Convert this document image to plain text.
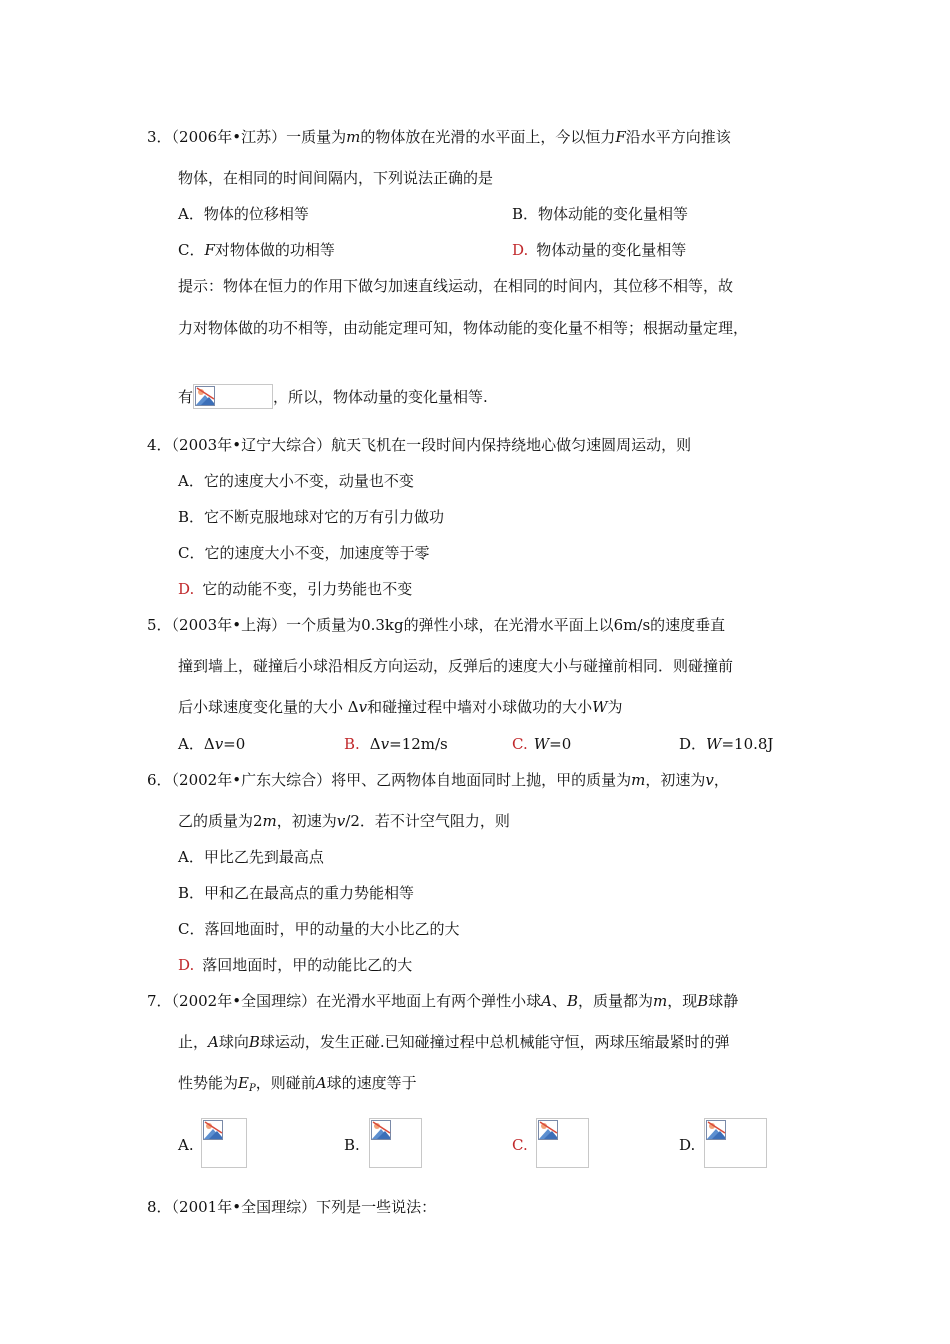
3．（2006年•江苏）一质量为m的物体放在光滑的水平面上，今以恒力F沿水平方向推该
物体，在相同的时间间隔内，下列说法正确的是
A．物体的位移相等	B．物体动能的变化量相等
C．F对物体做的功相等	D. 物体动量的变化量相等
提示：物体在恒力的作用下做匀加速直线运动，在相同的时间内，其位移不相等，故
力对物体做的功不相等，由动能定理可知，物体动能的变化量不相等；根据动量定理，
有	，所以，物体动量的变化量相等.
4．（2003年•辽宁大综合）航天飞机在一段时间内保持绕地心做匀速圆周运动，则
A．它的速度大小不变，动量也不变
B．它不断克服地球对它的万有引力做功
C．它的速度大小不变，加速度等于零
D. 它的动能不变，引力势能也不变
5．（2003年•上海）一个质量为0.3kg的弹性小球，在光滑水平面上以6m/s的速度垂直
撞到墙上，碰撞后小球沿相反方向运动，反弹后的速度大小与碰撞前相同．则碰撞前
后小球速度变化量的大小 Δv和碰撞过程中墙对小球做功的大小W为
A．Δv=0	B. Δv=12m/s	C. W=0	D．W=10.8J
6．（2002年•广东大综合）将甲、乙两物体自地面同时上抛，甲的质量为m，初速为v，
乙的质量为2m，初速为v/2．若不计空气阻力，则
A．甲比乙先到最高点
B．甲和乙在最高点的重力势能相等
C．落回地面时，甲的动量的大小比乙的大
D. 落回地面时，甲的动能比乙的大
7．（2002年•全国理综）在光滑水平地面上有两个弹性小球A、B，质量都为m，现B球静
止，A球向B球运动，发生正碰.已知碰撞过程中总机械能守恒，两球压缩最紧时的弹
性势能为$E_P$，则碰前A球的速度等于
A.	B.	C.	D.
8．（2001年•全国理综）下列是一些说法：
